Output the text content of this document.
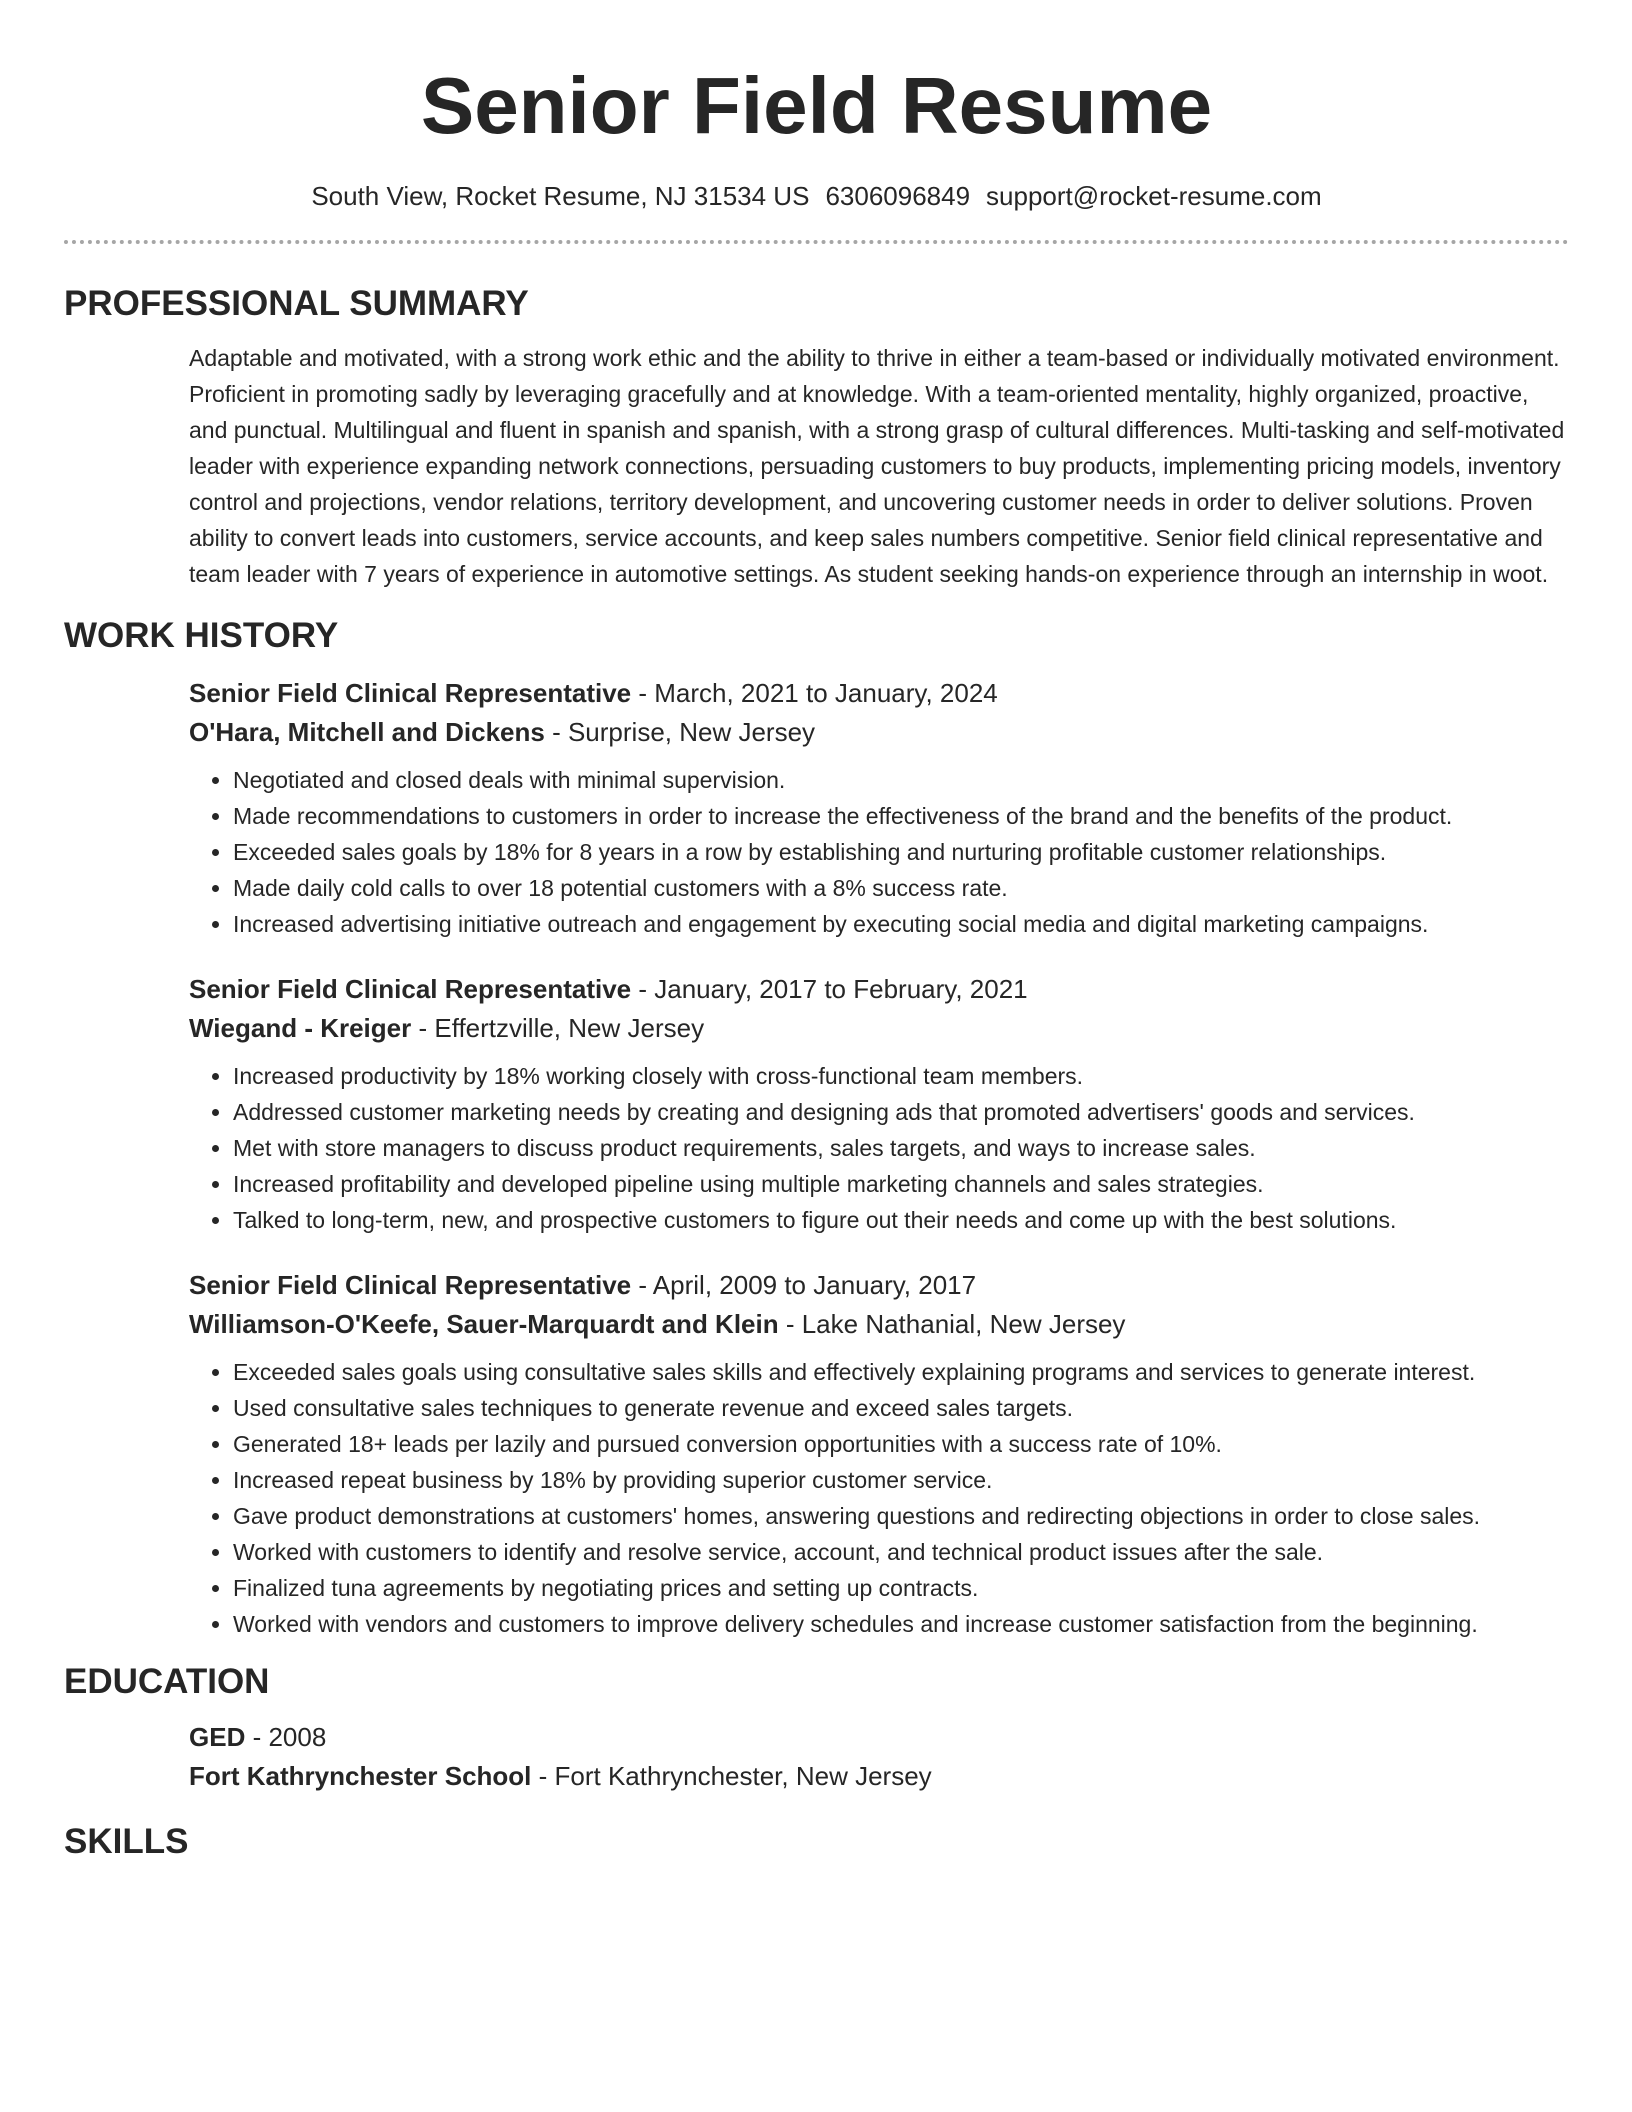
Senior Field Resume
South View, Rocket Resume, NJ 31534 US 6306096849 support@rocket-resume.com
PROFESSIONAL SUMMARY

Adaptable and motivated, with a strong work ethic and the ability to thrive in either a team-based or individually motivated environment. Proficient in promoting sadly by leveraging gracefully and at knowledge. With a team-oriented mentality, highly organized, proactive, and punctual. Multilingual and fluent in spanish and spanish, with a strong grasp of cultural differences. Multi-tasking and self-motivated leader with experience expanding network connections, persuading customers to buy products, implementing pricing models, inventory control and projections, vendor relations, territory development, and uncovering customer needs in order to deliver solutions. Proven ability to convert leads into customers, service accounts, and keep sales numbers competitive. Senior field clinical representative and team leader with 7 years of experience in automotive settings. As student seeking hands-on experience through an internship in woot.

WORK HISTORY
Senior Field Clinical Representative - March, 2021 to January, 2024
O'Hara, Mitchell and Dickens - Surprise, New Jersey
• Negotiated and closed deals with minimal supervision.
• Made recommendations to customers in order to increase the effectiveness of the brand and the benefits of the product.
• Exceeded sales goals by 18% for 8 years in a row by establishing and nurturing profitable customer relationships.
• Made daily cold calls to over 18 potential customers with a 8% success rate.
• Increased advertising initiative outreach and engagement by executing social media and digital marketing campaigns.
Senior Field Clinical Representative - January, 2017 to February, 2021
Wiegand - Kreiger - Effertzville, New Jersey
• Increased productivity by 18% working closely with cross-functional team members.
• Addressed customer marketing needs by creating and designing ads that promoted advertisers' goods and services.
• Met with store managers to discuss product requirements, sales targets, and ways to increase sales.
• Increased profitability and developed pipeline using multiple marketing channels and sales strategies.
• Talked to long-term, new, and prospective customers to figure out their needs and come up with the best solutions.
Senior Field Clinical Representative - April, 2009 to January, 2017
Williamson-O'Keefe, Sauer-Marquardt and Klein - Lake Nathanial, New Jersey
• Exceeded sales goals using consultative sales skills and effectively explaining programs and services to generate interest.
• Used consultative sales techniques to generate revenue and exceed sales targets.
• Generated 18+ leads per lazily and pursued conversion opportunities with a success rate of 10%.
• Increased repeat business by 18% by providing superior customer service.
• Gave product demonstrations at customers' homes, answering questions and redirecting objections in order to close sales.
• Worked with customers to identify and resolve service, account, and technical product issues after the sale.
• Finalized tuna agreements by negotiating prices and setting up contracts.
• Worked with vendors and customers to improve delivery schedules and increase customer satisfaction from the beginning.
EDUCATION
GED - 2008
Fort Kathrynchester School - Fort Kathrynchester, New Jersey
SKILLS
